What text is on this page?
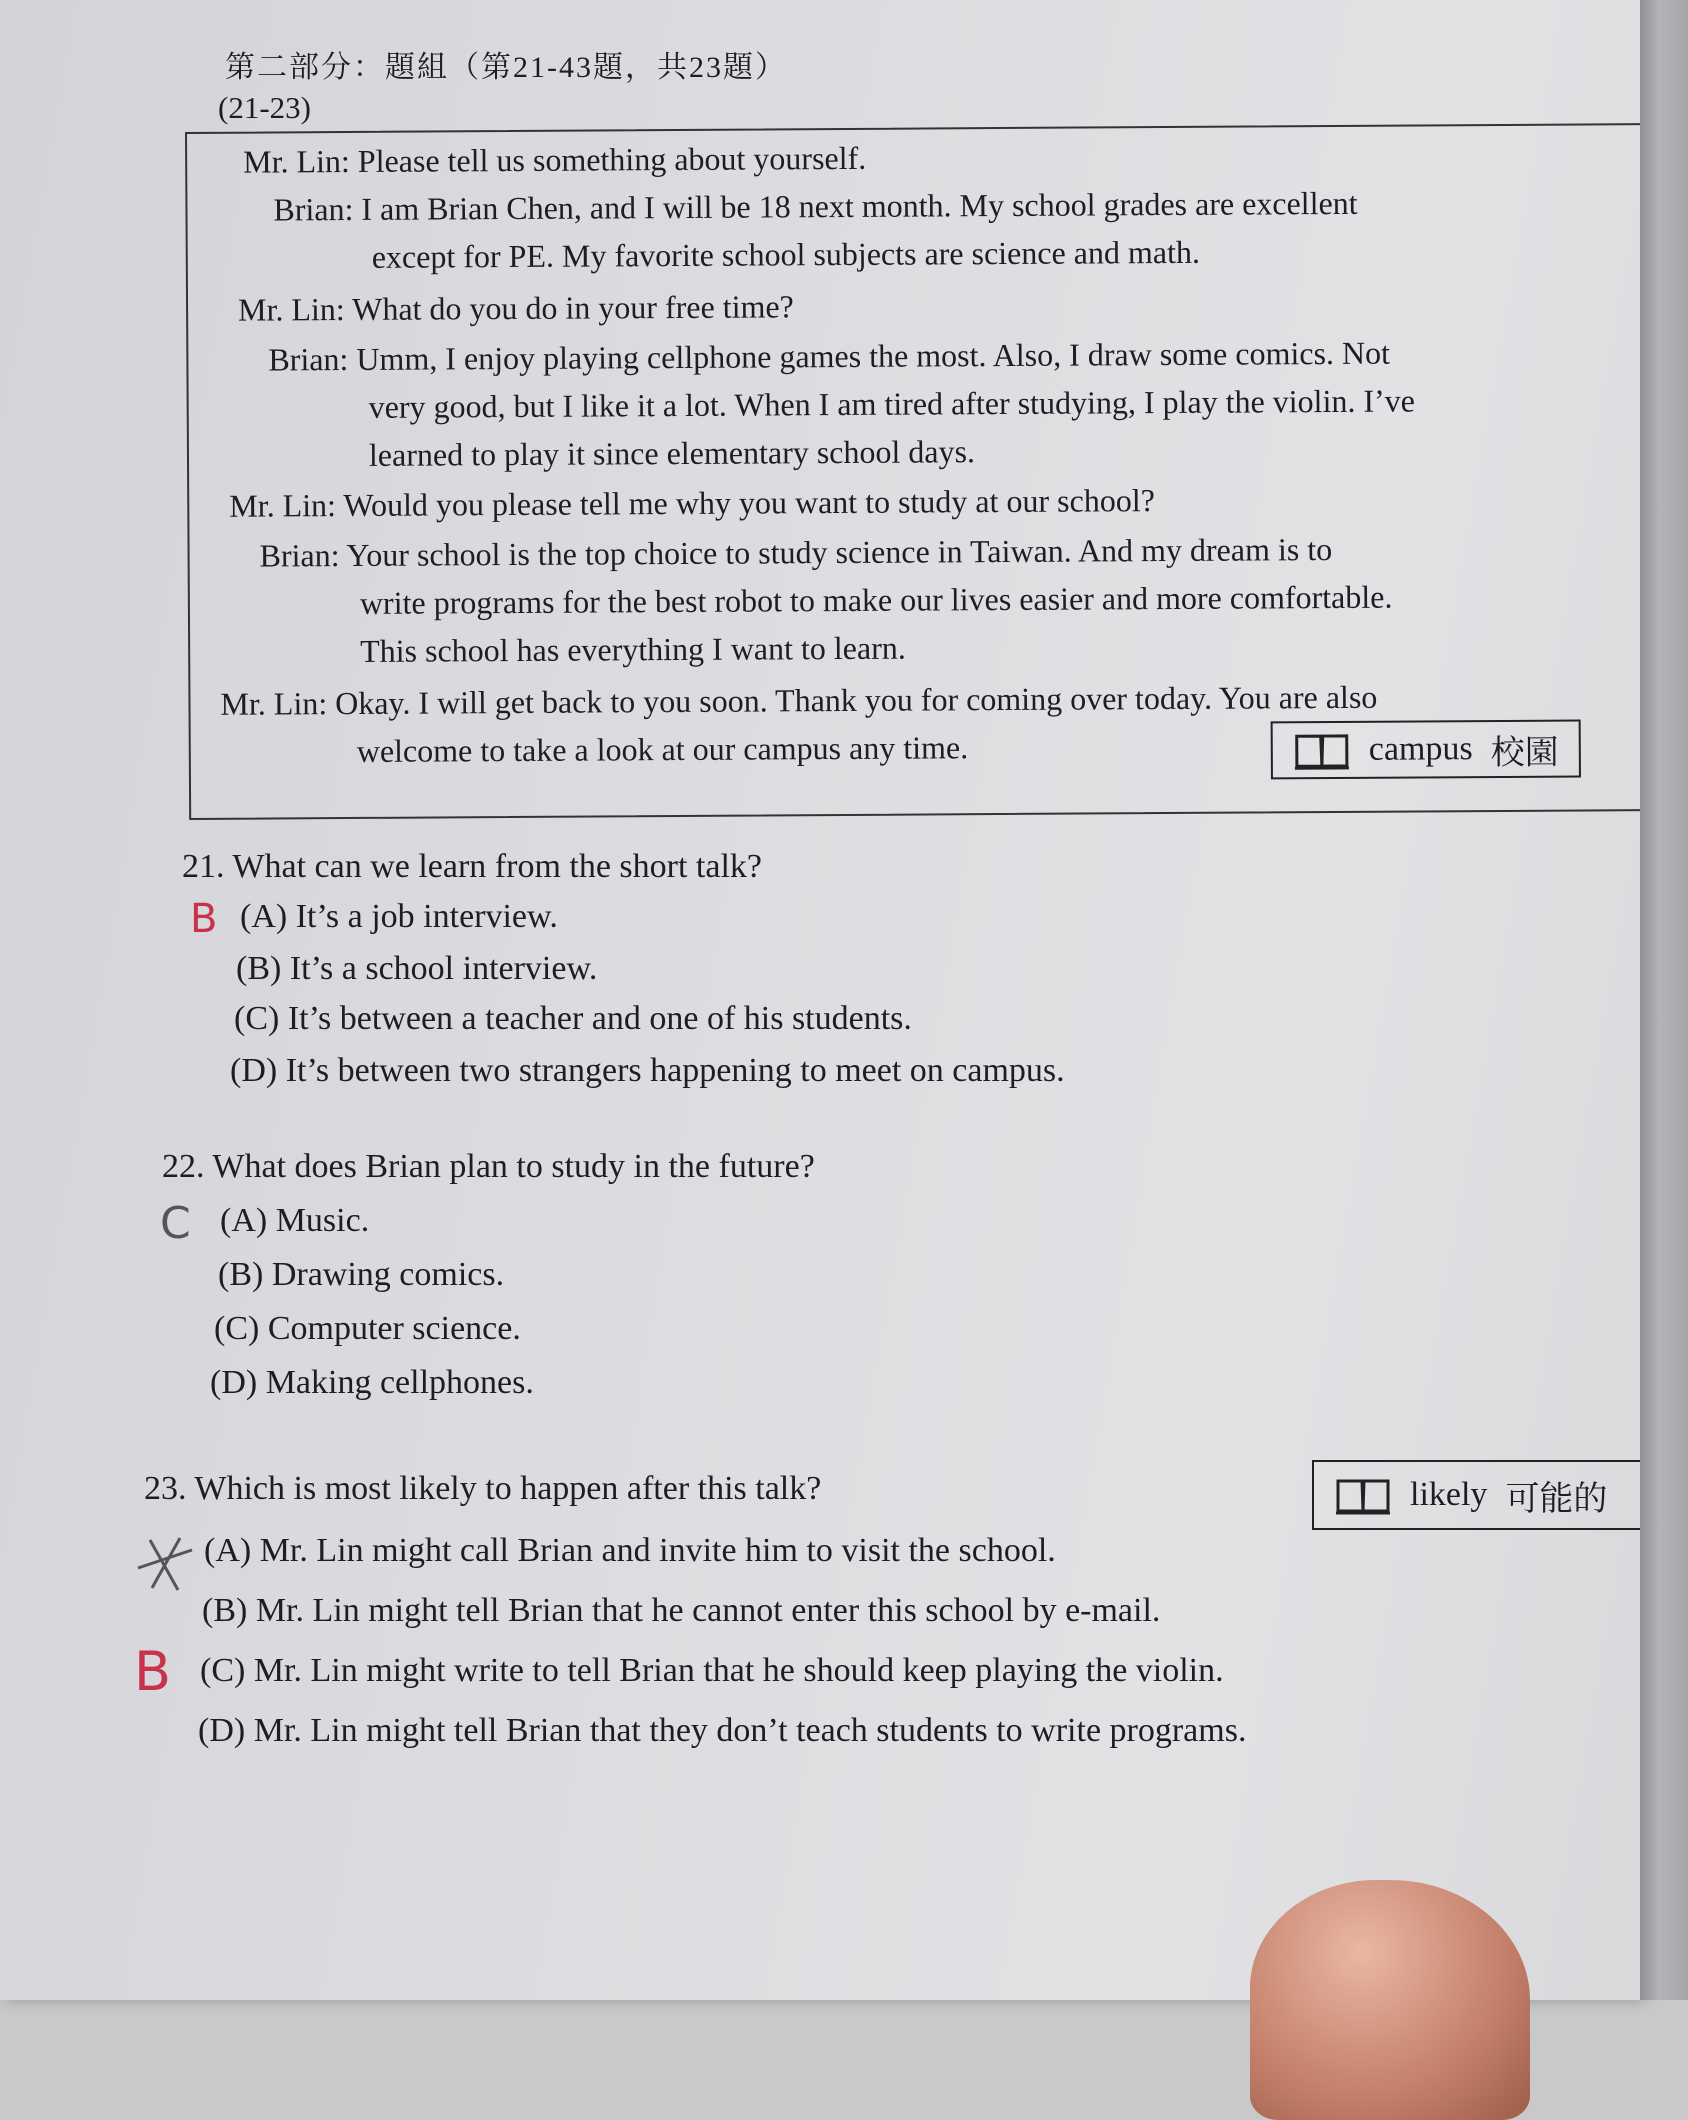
第二部分：題組（第21-43題，共23題）
(21-23)
Mr. Lin: Please tell us something about yourself.
Brian: I am Brian Chen, and I will be 18 next month. My school grades are excellent
except for PE. My favorite school subjects are science and math.
Mr. Lin: What do you do in your free time?
Brian: Umm, I enjoy playing cellphone games the most. Also, I draw some comics. Not
very good, but I like it a lot. When I am tired after studying, I play the violin. I’ve
learned to play it since elementary school days.
Mr. Lin: Would you please tell me why you want to study at our school?
Brian: Your school is the top choice to study science in Taiwan. And my dream is to
write programs for the best robot to make our lives easier and more comfortable.
This school has everything I want to learn.
Mr. Lin: Okay. I will get back to you soon. Thank you for coming over today. You are also
welcome to take a look at our campus any time.	campus 校園
21. What can we learn from the short talk?
B (A) It’s a job interview.
(B) It’s a school interview.
(C) It’s between a teacher and one of his students.
(D) It’s between two strangers happening to meet on campus.
22. What does Brian plan to study in the future?
C (A) Music.
(B) Drawing comics.
(C) Computer science.
(D) Making cellphones.
23. Which is most likely to happen after this talk?	likely 可能的
(A) Mr. Lin might call Brian and invite him to visit the school.
(B) Mr. Lin might tell Brian that he cannot enter this school by e-mail.
B (C) Mr. Lin might write to tell Brian that he should keep playing the violin.
(D) Mr. Lin might tell Brian that they don’t teach students to write programs.
